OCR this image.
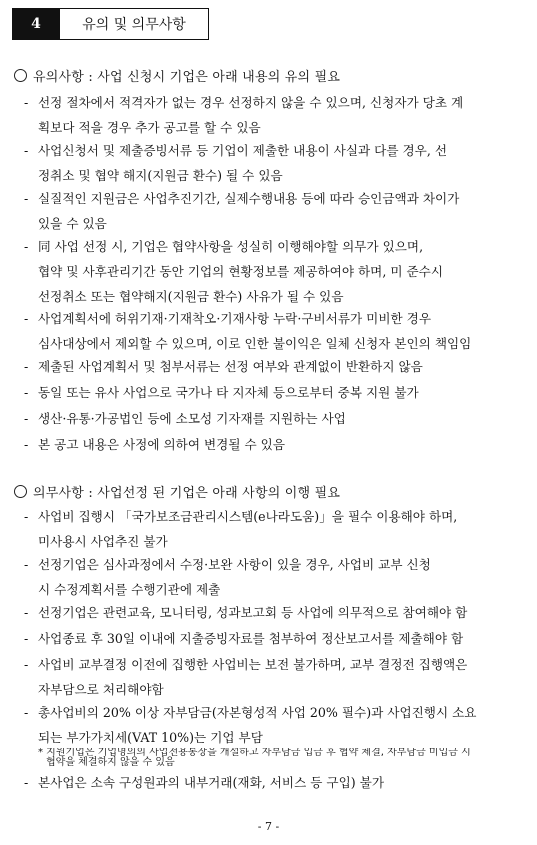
4	유의 및 의무사항
유의사항 : 사업 신청시 기업은 아래 내용의 유의 필요
- 선정 절차에서 적격자가 없는 경우 선정하지 않을 수 있으며, 신청자가 당초 계
획보다 적을 경우 추가 공고를 할 수 있음
- 사업신청서 및 제출증빙서류 등 기업이 제출한 내용이 사실과 다를 경우, 선
정취소 및 협약 해지(지원금 환수) 될 수 있음
- 실질적인 지원금은 사업추진기간, 실제수행내용 등에 따라 승인금액과 차이가
있을 수 있음
- 同 사업 선정 시, 기업은 협약사항을 성실히 이행해야할 의무가 있으며,
협약 및 사후관리기간 동안 기업의 현황정보를 제공하여야 하며, 미 준수시
선정취소 또는 협약해지(지원금 환수) 사유가 될 수 있음
- 사업계획서에 허위기재·기재착오·기재사항 누락·구비서류가 미비한 경우
심사대상에서 제외할 수 있으며, 이로 인한 불이익은 일체 신청자 본인의 책임임
- 제출된 사업계획서 및 첨부서류는 선정 여부와 관계없이 반환하지 않음
- 동일 또는 유사 사업으로 국가나 타 지자체 등으로부터 중복 지원 불가
- 생산·유통·가공법인 등에 소모성 기자재를 지원하는 사업
- 본 공고 내용은 사정에 의하여 변경될 수 있음
의무사항 : 사업선정 된 기업은 아래 사항의 이행 필요
- 사업비 집행시 「국가보조금관리시스템(e나라도움)」을 필수 이용해야 하며,
미사용시 사업추진 불가
- 선정기업은 심사과정에서 수정·보완 사항이 있을 경우, 사업비 교부 신청
시 수정계획서를 수행기관에 제출
- 선정기업은 관련교육, 모니터링, 성과보고회 등 사업에 의무적으로 참여해야 함
- 사업종료 후 30일 이내에 지출증빙자료를 첨부하여 정산보고서를 제출해야 함
- 사업비 교부결정 이전에 집행한 사업비는 보전 불가하며, 교부 결정전 집행액은
자부담으로 처리해야함
- 총사업비의 20% 이상 자부담금(자본형성적 사업 20% 필수)과 사업진행시 소요
되는 부가가치세(VAT 10%)는 기업 부담
* 지원기업은 기업명의의 사업전용통장을 개설하고 자부담금 입금 후 협약 체결, 자부담금 미입금 시
협약을 체결하지 않을 수 있음
- 본사업은 소속 구성원과의 내부거래(재화, 서비스 등 구입) 불가
- 7 -
